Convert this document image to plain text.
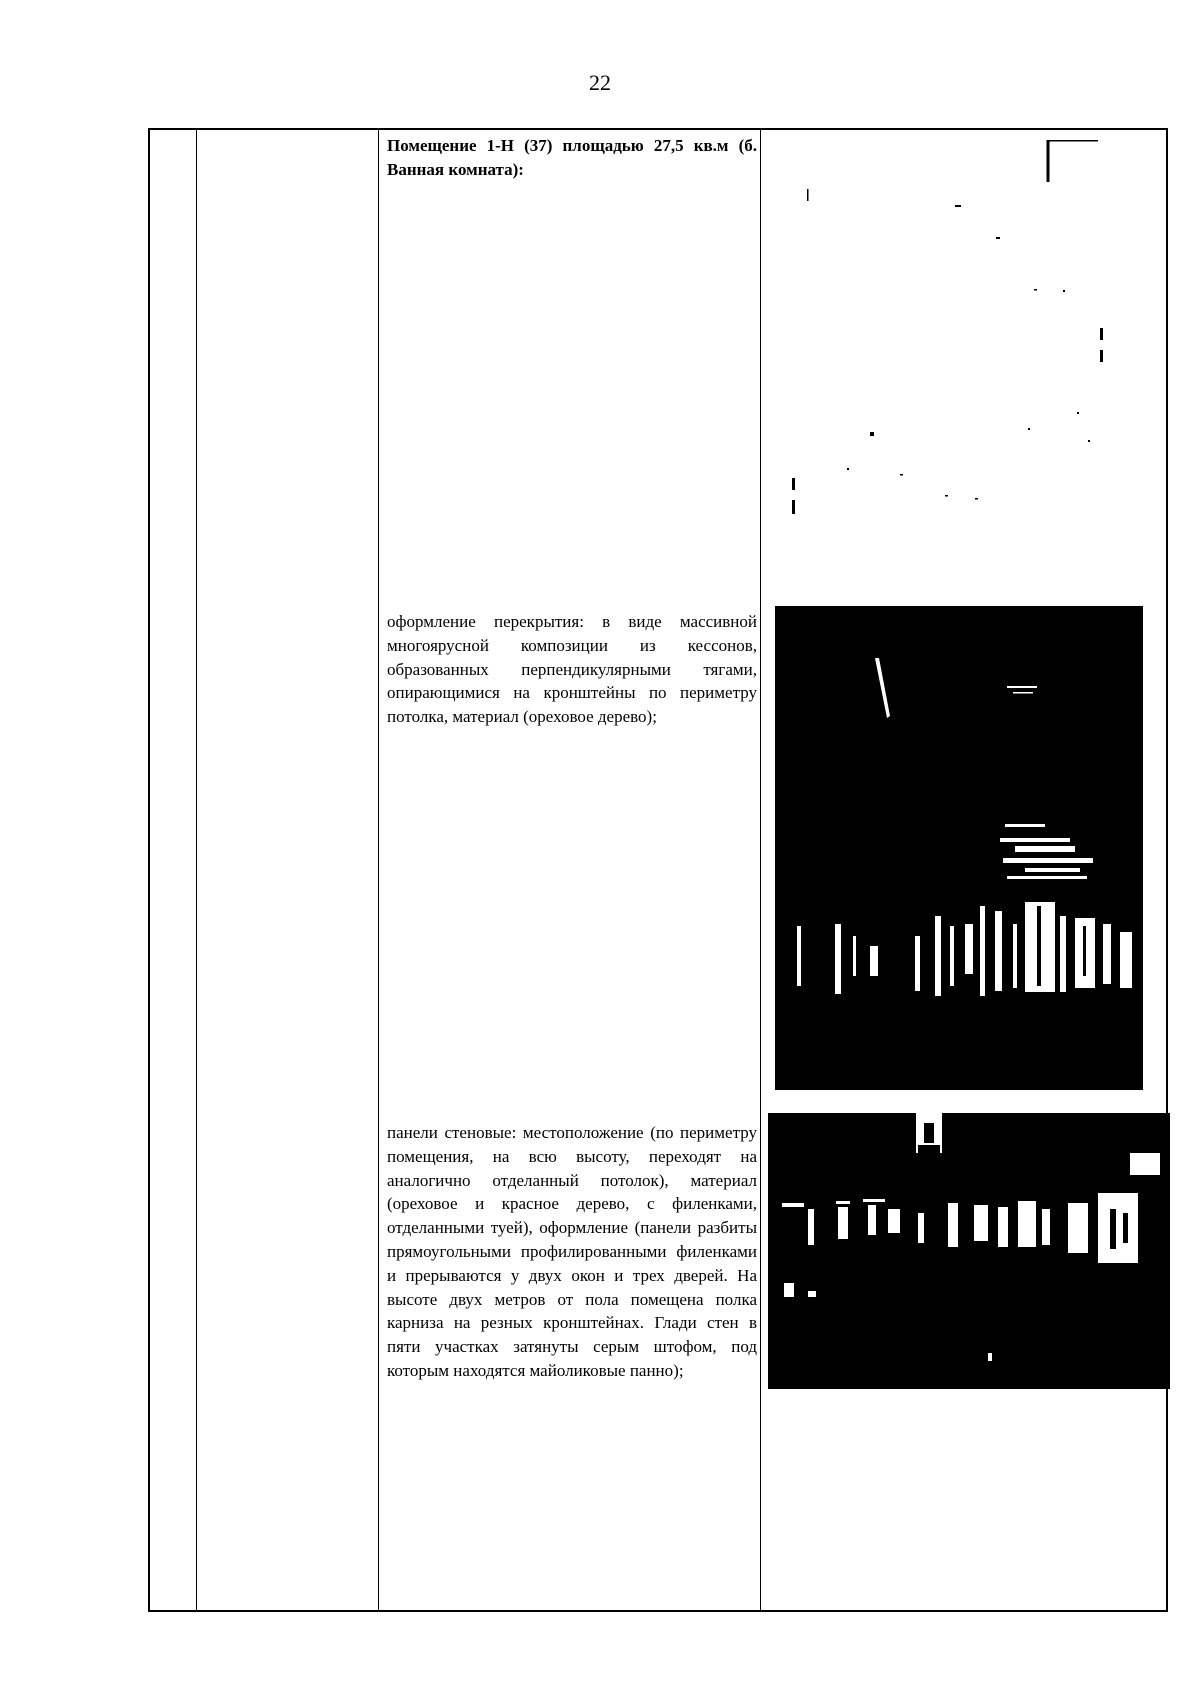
22
Помещение 1-Н (37) площадью 27,5 кв.м (б. Ванная комната):
оформление перекрытия: в виде массивной многоярусной композиции из кессонов, образованных перпендикулярными тягами, опирающимися на кронштейны по периметру потолка, материал (ореховое дерево);
панели стеновые: местоположение (по периметру помещения, на всю высоту, переходят на аналогично отделанный потолок), материал (ореховое и красное дерево, с филенками, отделанными туей), оформление (панели разбиты прямоугольными профилированными филенками и прерываются у двух окон и трех дверей. На высоте двух метров от пола помещена полка карниза на резных кронштейнах. Глади стен в пяти участках затянуты серым штофом, под которым находятся майоликовые панно);
